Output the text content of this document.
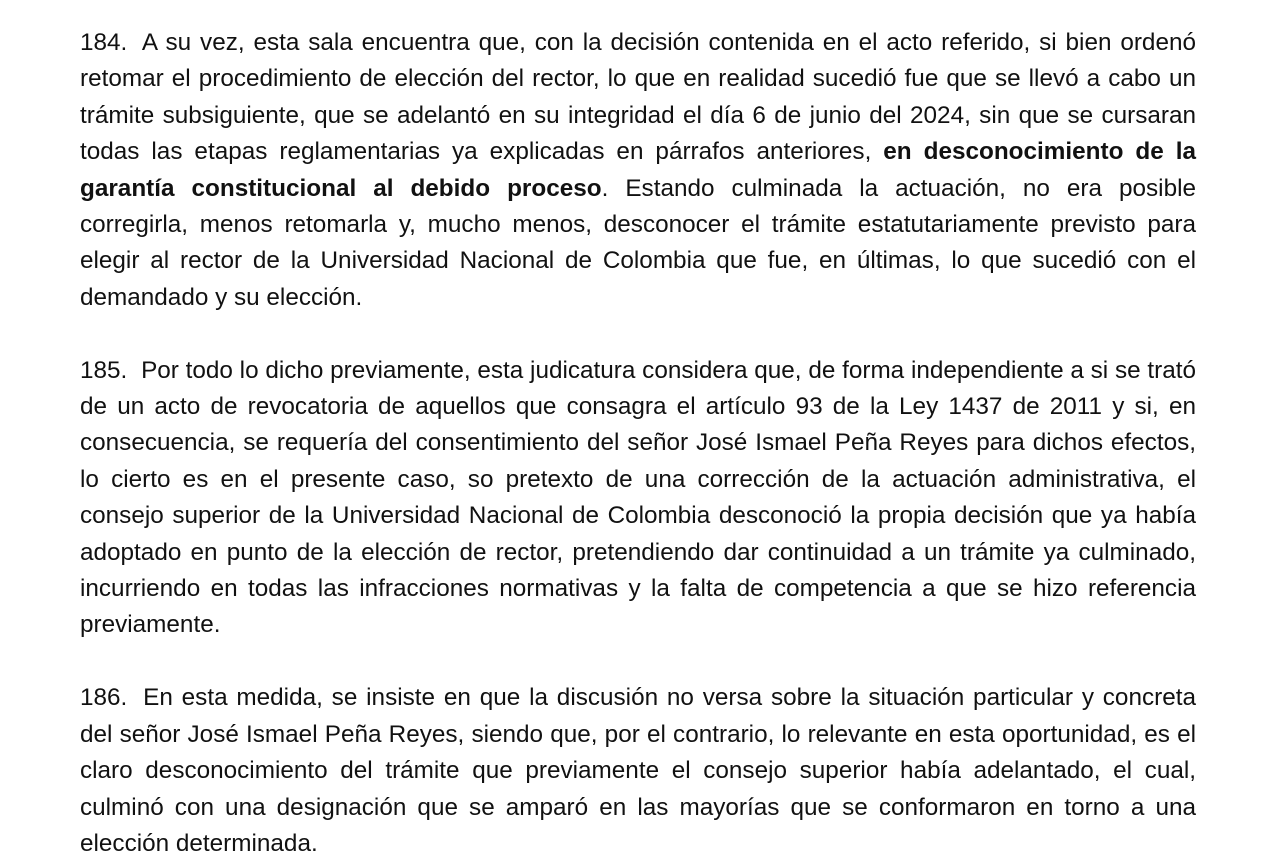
184. A su vez, esta sala encuentra que, con la decisión contenida en el acto referido, si bien ordenó retomar el procedimiento de elección del rector, lo que en realidad sucedió fue que se llevó a cabo un trámite subsiguiente, que se adelantó en su integridad el día 6 de junio del 2024, sin que se cursaran todas las etapas reglamentarias ya explicadas en párrafos anteriores, en desconocimiento de la garantía constitucional al debido proceso. Estando culminada la actuación, no era posible corregirla, menos retomarla y, mucho menos, desconocer el trámite estatutariamente previsto para elegir al rector de la Universidad Nacional de Colombia que fue, en últimas, lo que sucedió con el demandado y su elección.

185. Por todo lo dicho previamente, esta judicatura considera que, de forma independiente a si se trató de un acto de revocatoria de aquellos que consagra el artículo 93 de la Ley 1437 de 2011 y si, en consecuencia, se requería del consentimiento del señor José Ismael Peña Reyes para dichos efectos, lo cierto es en el presente caso, so pretexto de una corrección de la actuación administrativa, el consejo superior de la Universidad Nacional de Colombia desconoció la propia decisión que ya había adoptado en punto de la elección de rector, pretendiendo dar continuidad a un trámite ya culminado, incurriendo en todas las infracciones normativas y la falta de competencia a que se hizo referencia previamente.

186. En esta medida, se insiste en que la discusión no versa sobre la situación particular y concreta del señor José Ismael Peña Reyes, siendo que, por el contrario, lo relevante en esta oportunidad, es el claro desconocimiento del trámite que previamente el consejo superior había adelantado, el cual, culminó con una designación que se amparó en las mayorías que se conformaron en torno a una elección determinada.
